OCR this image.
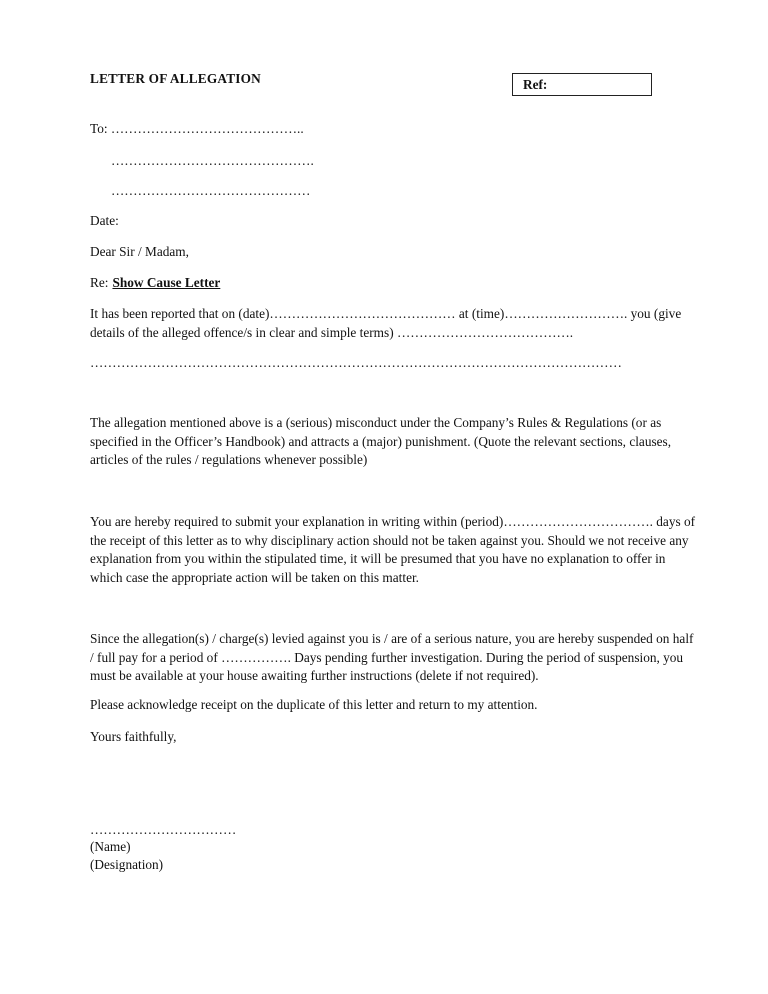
LETTER OF ALLEGATION	Ref:
To: ……………………………………..
……………………………………….
………………………………………
Date:
Dear Sir / Madam,
Re: Show Cause Letter
It has been reported that on (date)…………………………………… at (time)………………………. you (give details of the alleged offence/s in clear and simple terms) ………………………………….
…………………………………………………………………………………………………………
The allegation mentioned above is a (serious) misconduct under the Company’s Rules & Regulations (or as specified in the Officer’s Handbook) and attracts a (major) punishment. (Quote the relevant sections, clauses, articles of the rules / regulations whenever possible)
You are hereby required to submit your explanation in writing within (period)……………………………. days of the receipt of this letter as to why disciplinary action should not be taken against you. Should we not receive any explanation from you within the stipulated time, it will be presumed that you have no explanation to offer in which case the appropriate action will be taken on this matter.
Since the allegation(s) / charge(s) levied against you is / are of a serious nature, you are hereby suspended on half / full pay for a period of ……………. Days pending further investigation. During the period of suspension, you must be available at your house awaiting further instructions (delete if not required).
Please acknowledge receipt on the duplicate of this letter and return to my attention.
Yours faithfully,
……………………………
(Name)
(Designation)
